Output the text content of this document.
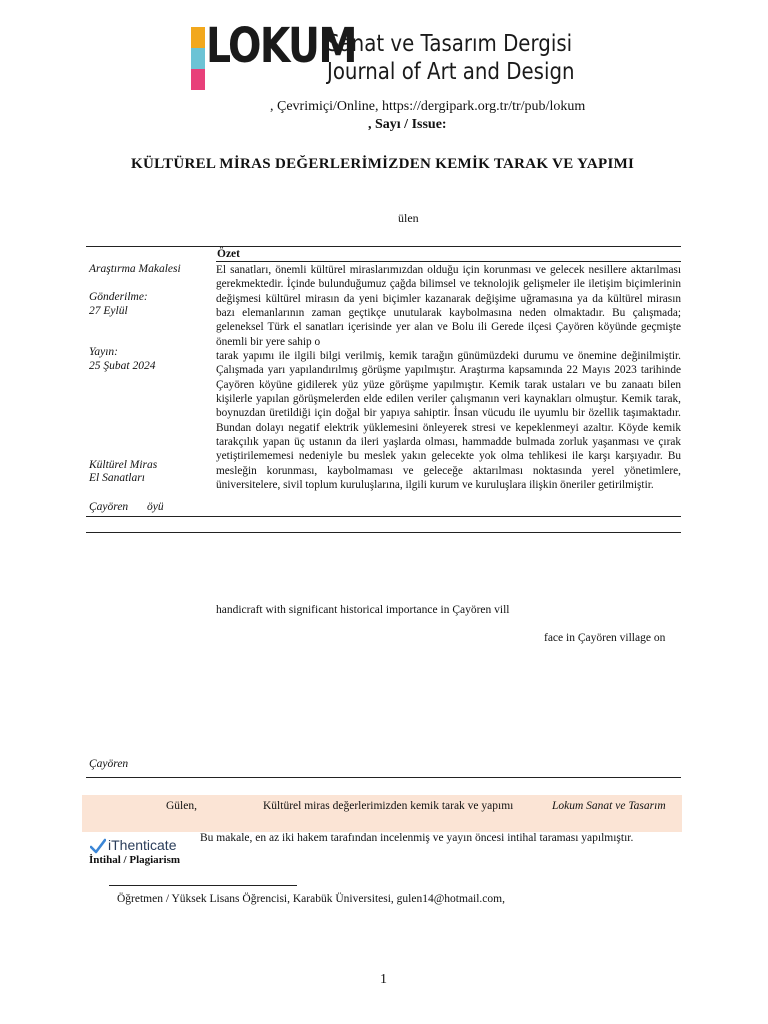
LOKUM
Sanat ve Tasarım Dergisi
Journal of Art and Design
, Çevrimiçi/Online, https://dergipark.org.tr/tr/pub/lokum
, Sayı / Issue:
KÜLTÜREL MİRAS DEĞERLERİMİZDEN KEMİK TARAK VE YAPIMI
ülen
Özet
Araştırma Makalesi
Gönderilme:
27 Eylül
Yayın:
25 Şubat 2024
Kültürel Miras
El Sanatları
Çayören öyü

El sanatları, önemli kültürel miraslarımızdan olduğu için korunması ve gelecek nesillere aktarılması gerekmektedir. İçinde bulunduğumuz çağda bilimsel ve teknolojik gelişmeler ile iletişim biçimlerinin değişmesi kültürel mirasın da yeni biçimler kazanarak değişime uğramasına ya da kültürel mirasın bazı elemanlarının zaman geçtikçe unutularak kaybolmasına neden olmaktadır. Bu çalışmada; geleneksel Türk el sanatları içerisinde yer alan ve Bolu ili Gerede ilçesi Çayören köyünde geçmişte önemli bir yere sahip o

tarak yapımı ile ilgili bilgi verilmiş, kemik tarağın günümüzdeki durumu ve önemine değinilmiştir. Çalışmada yarı yapılandırılmış görüşme yapılmıştır. Araştırma kapsamında 22 Mayıs 2023 tarihinde Çayören köyüne gidilerek yüz yüze görüşme yapılmıştır. Kemik tarak ustaları ve bu zanaatı bilen kişilerle yapılan görüşmelerden elde edilen veriler çalışmanın veri kaynakları olmuştur. Kemik tarak, boynuzdan üretildiği için doğal bir yapıya sahiptir. İnsan vücudu ile uyumlu bir özellik taşımaktadır. Bundan dolayı negatif elektrik yüklemesini önleyerek stresi ve kepeklenmeyi azaltır. Köyde kemik tarakçılık yapan üç ustanın da ileri yaşlarda olması, hammadde bulmada zorluk yaşanması ve çırak yetiştirilememesi nedeniyle bu meslek yakın gelecekte yok olma tehlikesi ile karşı karşıyadır. Bu mesleğin korunması, kaybolmaması ve geleceğe aktarılması noktasında yerel yönetimlere, üniversitelere, sivil toplum kuruluşlarına, ilgili kurum ve kuruluşlara ilişkin öneriler getirilmiştir.

handicraft with significant historical importance in Çayören vill
face in Çayören village on
Çayören
Gülen,	Kültürel miras değerlerimizden kemik tarak ve yapımı	Lokum Sanat ve Tasarım
iThenticate
İntihal / Plagiarism
Bu makale, en az iki hakem tarafından incelenmiş ve yayın öncesi intihal taraması yapılmıştır.
Öğretmen / Yüksek Lisans Öğrencisi, Karabük Üniversitesi, gulen14@hotmail.com,
1
